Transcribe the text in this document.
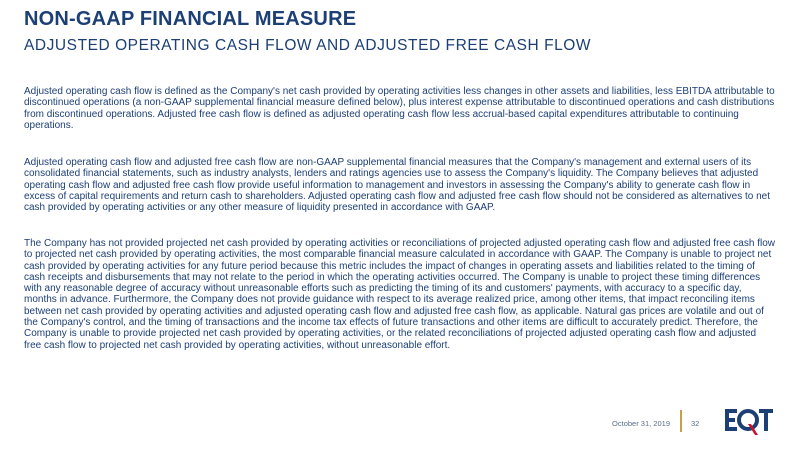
NON-GAAP FINANCIAL MEASURE
ADJUSTED OPERATING CASH FLOW AND ADJUSTED FREE CASH FLOW

Adjusted operating cash flow is defined as the Company's net cash provided by operating activities less changes in other assets and liabilities, less EBITDA attributable to discontinued operations (a non-GAAP supplemental financial measure defined below), plus interest expense attributable to discontinued operations and cash distributions from discontinued operations. Adjusted free cash flow is defined as adjusted operating cash flow less accrual-based capital expenditures attributable to continuing operations.

Adjusted operating cash flow and adjusted free cash flow are non-GAAP supplemental financial measures that the Company's management and external users of its consolidated financial statements, such as industry analysts, lenders and ratings agencies use to assess the Company's liquidity. The Company believes that adjusted operating cash flow and adjusted free cash flow provide useful information to management and investors in assessing the Company's ability to generate cash flow in excess of capital requirements and return cash to shareholders. Adjusted operating cash flow and adjusted free cash flow should not be considered as alternatives to net cash provided by operating activities or any other measure of liquidity presented in accordance with GAAP.

The Company has not provided projected net cash provided by operating activities or reconciliations of projected adjusted operating cash flow and adjusted free cash flow to projected net cash provided by operating activities, the most comparable financial measure calculated in accordance with GAAP. The Company is unable to project net cash provided by operating activities for any future period because this metric includes the impact of changes in operating assets and liabilities related to the timing of cash receipts and disbursements that may not relate to the period in which the operating activities occurred. The Company is unable to project these timing differences with any reasonable degree of accuracy without unreasonable efforts such as predicting the timing of its and customers' payments, with accuracy to a specific day, months in advance. Furthermore, the Company does not provide guidance with respect to its average realized price, among other items, that impact reconciling items between net cash provided by operating activities and adjusted operating cash flow and adjusted free cash flow, as applicable. Natural gas prices are volatile and out of the Company's control, and the timing of transactions and the income tax effects of future transactions and other items are difficult to accurately predict. Therefore, the Company is unable to provide projected net cash provided by operating activities, or the related reconciliations of projected adjusted operating cash flow and adjusted free cash flow to projected net cash provided by operating activities, without unreasonable effort.

October 31, 2019	32
